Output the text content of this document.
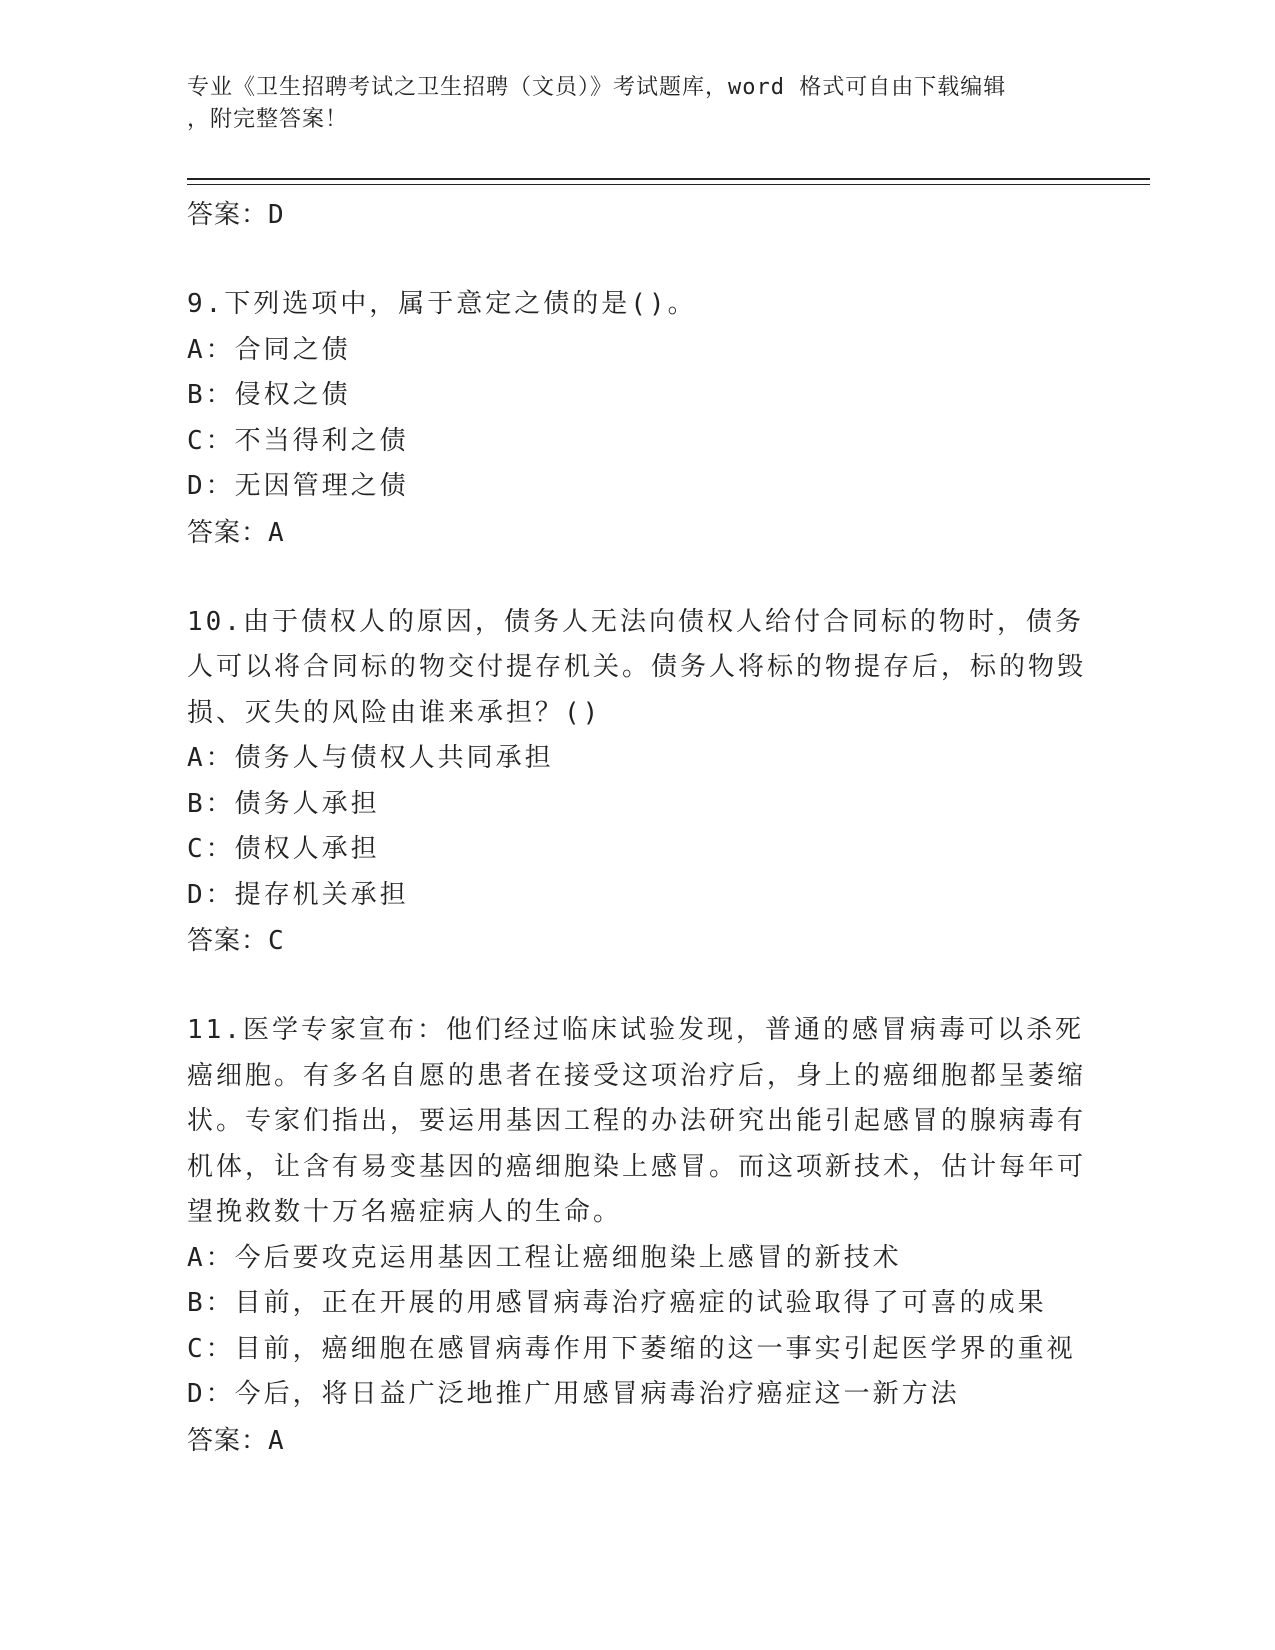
专业《卫生招聘考试之卫生招聘（文员）》考试题库，word 格式可自由下载编辑
，附完整答案！
答案：D
9.下列选项中，属于意定之债的是()。
A：合同之债
B：侵权之债
C：不当得利之债
D：无因管理之债
答案：A
10.由于债权人的原因，债务人无法向债权人给付合同标的物时，债务人可以将合同标的物交付提存机关。债务人将标的物提存后，标的物毁损、灭失的风险由谁来承担？()
A：债务人与债权人共同承担
B：债务人承担
C：债权人承担
D：提存机关承担
答案：C
11.医学专家宣布：他们经过临床试验发现，普通的感冒病毒可以杀死癌细胞。有多名自愿的患者在接受这项治疗后，身上的癌细胞都呈萎缩状。专家们指出，要运用基因工程的办法研究出能引起感冒的腺病毒有机体，让含有易变基因的癌细胞染上感冒。而这项新技术，估计每年可望挽救数十万名癌症病人的生命。
A：今后要攻克运用基因工程让癌细胞染上感冒的新技术
B：目前，正在开展的用感冒病毒治疗癌症的试验取得了可喜的成果
C：目前，癌细胞在感冒病毒作用下萎缩的这一事实引起医学界的重视
D：今后，将日益广泛地推广用感冒病毒治疗癌症这一新方法
答案：A
